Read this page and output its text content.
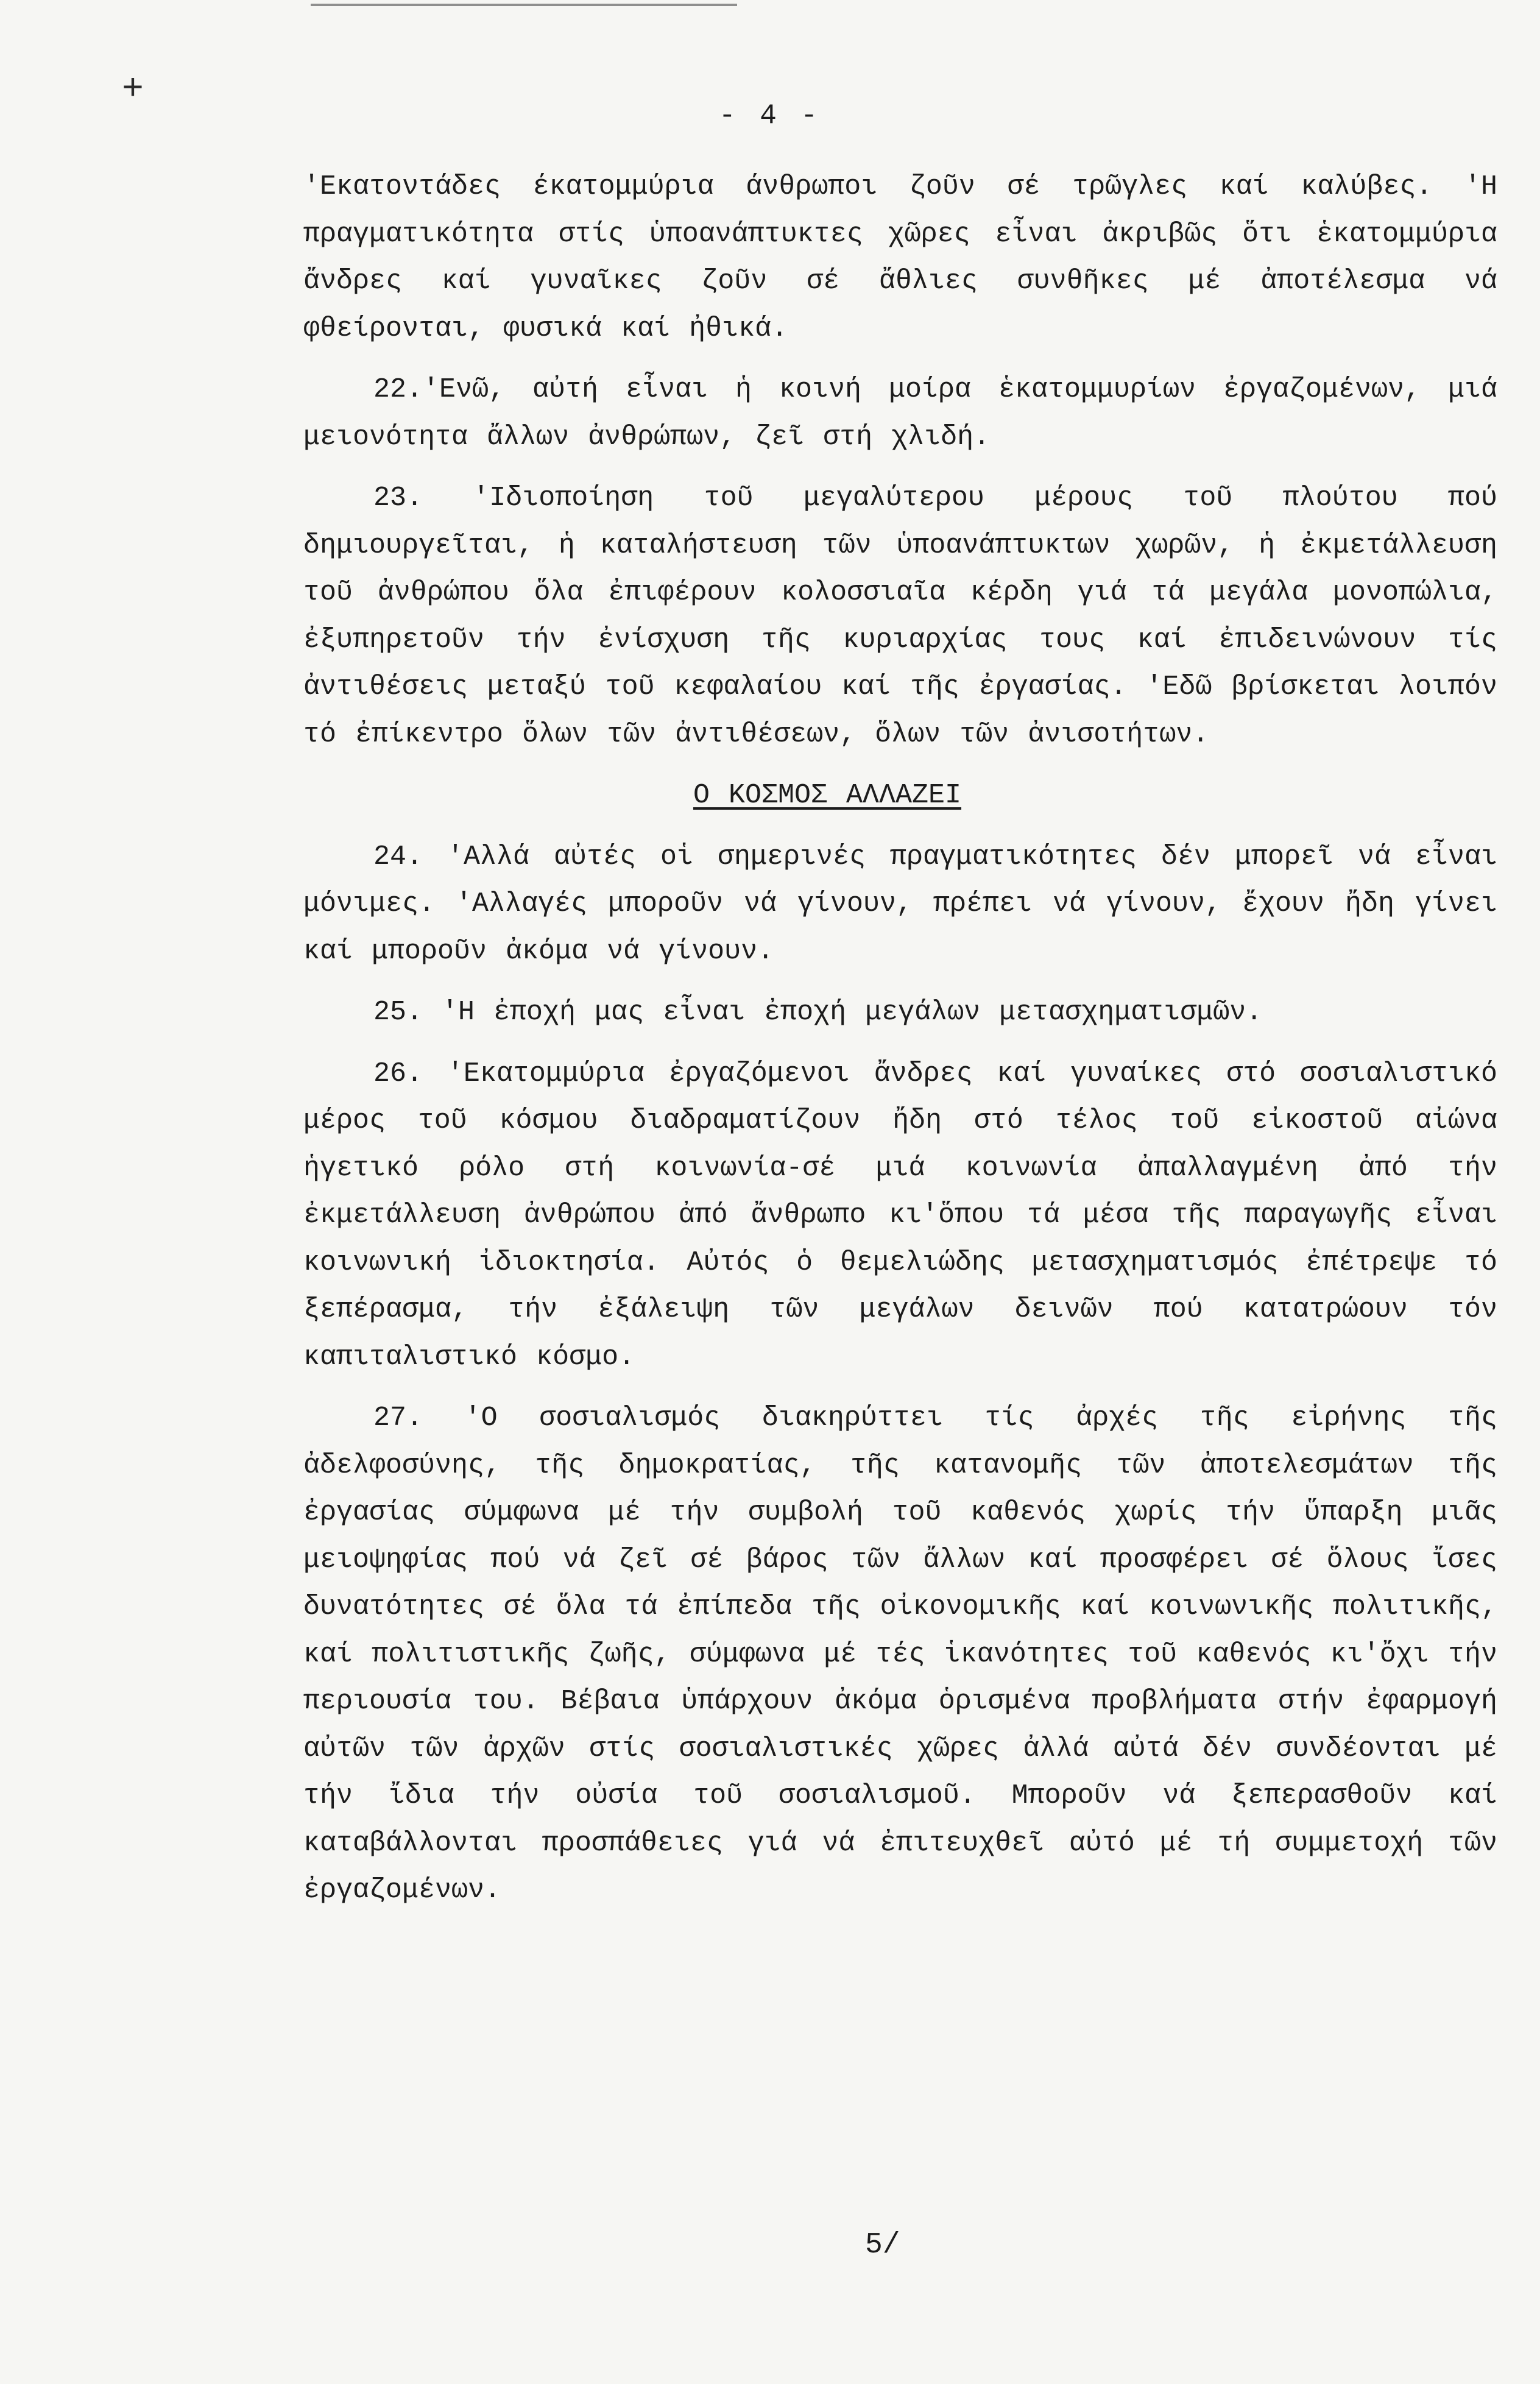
+
- 4 -

'Εκατοντάδες έκατομμύρια άνθρωποι ζοῦν σέ τρῶγλες καί καλύβες. 'Η πραγματικότητα στίς ὑποανάπτυκτες χῶρες εἶναι ἀκριβῶς ὅτι ἑκατομμύρια ἄνδρες καί γυναῖκες ζοῦν σέ ἄθλιες συνθῆκες μέ ἀποτέλεσμα νά φθείρονται, φυσικά καί ἠθικά.

22.'Ενῶ, αὐτή εἶναι ἡ κοινή μοίρα ἑκατομμυρίων ἐργαζομένων, μιά μειονότητα ἄλλων ἀνθρώπων, ζεῖ στή χλιδή.

23. 'Ιδιοποίηση τοῦ μεγαλύτερου μέρους τοῦ πλούτου πού δημιουργεῖται, ἡ καταλήστευση τῶν ὑποανάπτυκτων χωρῶν, ἡ ἐκμετάλλευση τοῦ ἀνθρώπου ὅλα ἐπιφέρουν κολοσσιαῖα κέρδη γιά τά μεγάλα μονοπώλια, ἐξυπηρετοῦν τήν ἐνίσχυση τῆς κυριαρχίας τους καί ἐπιδεινώνουν τίς ἀντιθέσεις μεταξύ τοῦ κεφαλαίου καί τῆς ἐργασίας. 'Εδῶ βρίσκεται λοιπόν τό ἐπίκεντρο ὅλων τῶν ἀντιθέσεων, ὅλων τῶν ἀνισοτήτων.

Ο ΚΟΣΜΟΣ ΑΛΛΑΖΕΙ

24. 'Αλλά αὐτές οἱ σημερινές πραγματικότητες δέν μπορεῖ νά εἶναι μόνιμες. 'Αλλαγές μποροῦν νά γίνουν, πρέπει νά γίνουν, ἔχουν ἤδη γίνει καί μποροῦν ἀκόμα νά γίνουν.

25. 'Η ἐποχή μας εἶναι ἐποχή μεγάλων μετασχηματισμῶν.

26. 'Εκατομμύρια ἐργαζόμενοι ἄνδρες καί γυναίκες στό σοσιαλιστικό μέρος τοῦ κόσμου διαδραματίζουν ἤδη στό τέλος τοῦ εἰκοστοῦ αἰώνα ἡγετικό ρόλο στή κοινωνία-σέ μιά κοινωνία ἀπαλλαγμένη ἀπό τήν ἐκμετάλλευση ἀνθρώπου ἀπό ἄνθρωπο κι'ὅπου τά μέσα τῆς παραγωγῆς εἶναι κοινωνική ἰδιοκτησία. Αὐτός ὁ θεμελιώδης μετασχηματισμός ἐπέτρεψε τό ξεπέρασμα, τήν ἐξάλειψη τῶν μεγάλων δεινῶν πού κατατρώουν τόν καπιταλιστικό κόσμο.

27. 'Ο σοσιαλισμός διακηρύττει τίς ἀρχές τῆς εἰρήνης τῆς ἀδελφοσύνης, τῆς δημοκρατίας, τῆς κατανομῆς τῶν ἀποτελεσμάτων τῆς ἐργασίας σύμφωνα μέ τήν συμβολή τοῦ καθενός χωρίς τήν ὕπαρξη μιᾶς μειοψηφίας πού νά ζεῖ σέ βάρος τῶν ἄλλων καί προσφέρει σέ ὅλους ἴσες δυνατότητες σέ ὅλα τά ἐπίπεδα τῆς οἰκονομικῆς καί κοινωνικῆς πολιτικῆς, καί πολιτιστικῆς ζωῆς, σύμφωνα μέ τές ἱκανότητες τοῦ καθενός κι'ὄχι τήν περιουσία του. Βέβαια ὑπάρχουν ἀκόμα ὁρισμένα προβλήματα στήν ἐφαρμογή αὐτῶν τῶν ἀρχῶν στίς σοσιαλιστικές χῶρες ἀλλά αὐτά δέν συνδέονται μέ τήν ἴδια τήν οὐσία τοῦ σοσιαλισμοῦ. Μποροῦν νά ξεπερασθοῦν καί καταβάλλονται προσπάθειες γιά νά ἐπιτευχθεῖ αὐτό μέ τή συμμετοχή τῶν ἐργαζομένων.

5/
